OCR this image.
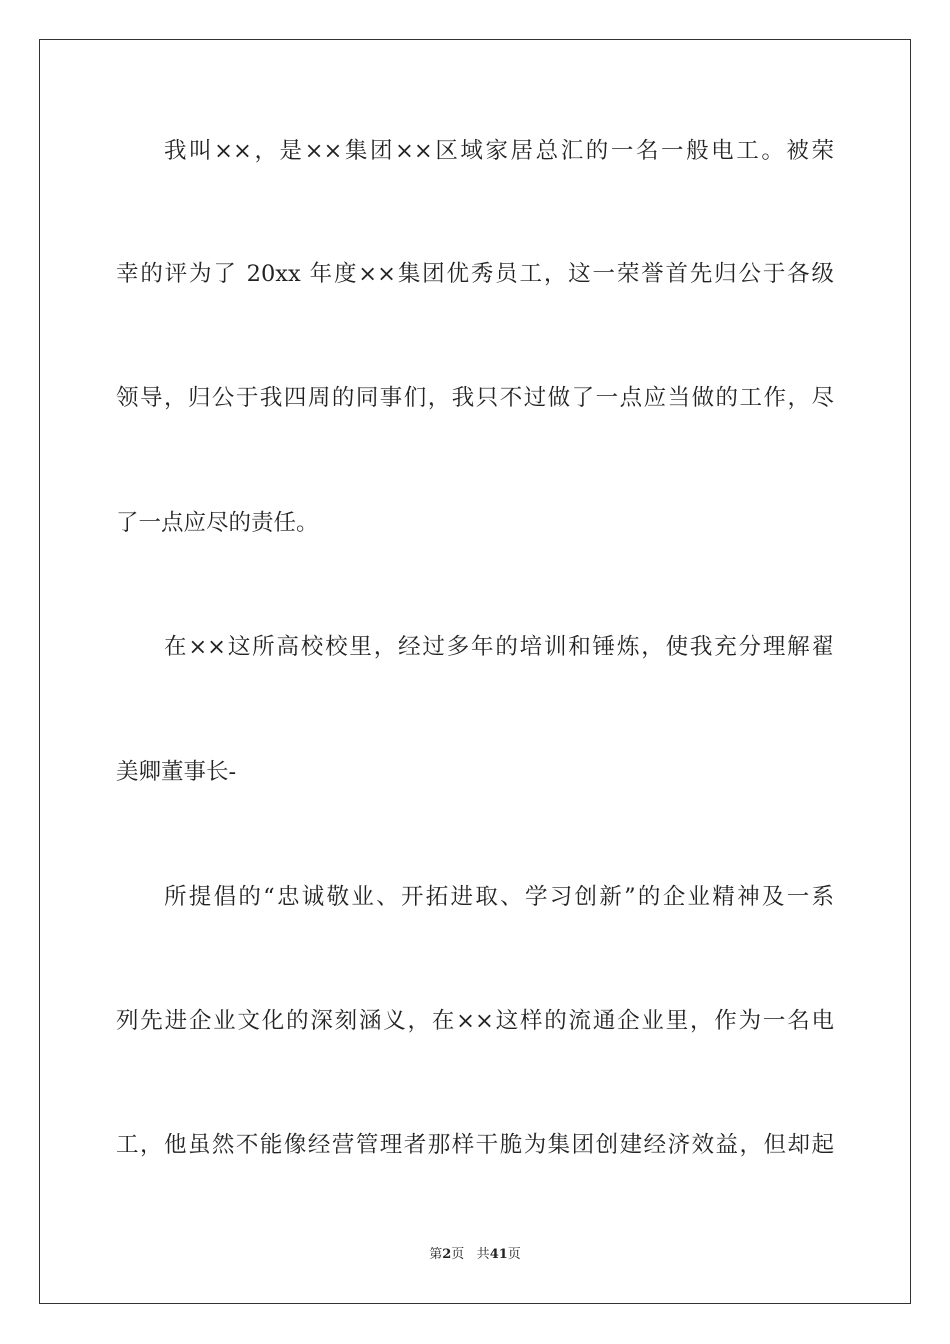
我叫××，是××集团××区域家居总汇的一名一般电工。被荣
幸的评为了 20xx 年度××集团优秀员工，这一荣誉首先归公于各级
领导，归公于我四周的同事们，我只不过做了一点应当做的工作，尽
了一点应尽的责任。
在××这所高校校里，经过多年的培训和锤炼，使我充分理解翟
美卿董事长-
所提倡的“忠诚敬业、开拓进取、学习创新”的企业精神及一系
列先进企业文化的深刻涵义，在××这样的流通企业里，作为一名电
工，他虽然不能像经营管理者那样干脆为集团创建经济效益，但却起
第2页 共41页
